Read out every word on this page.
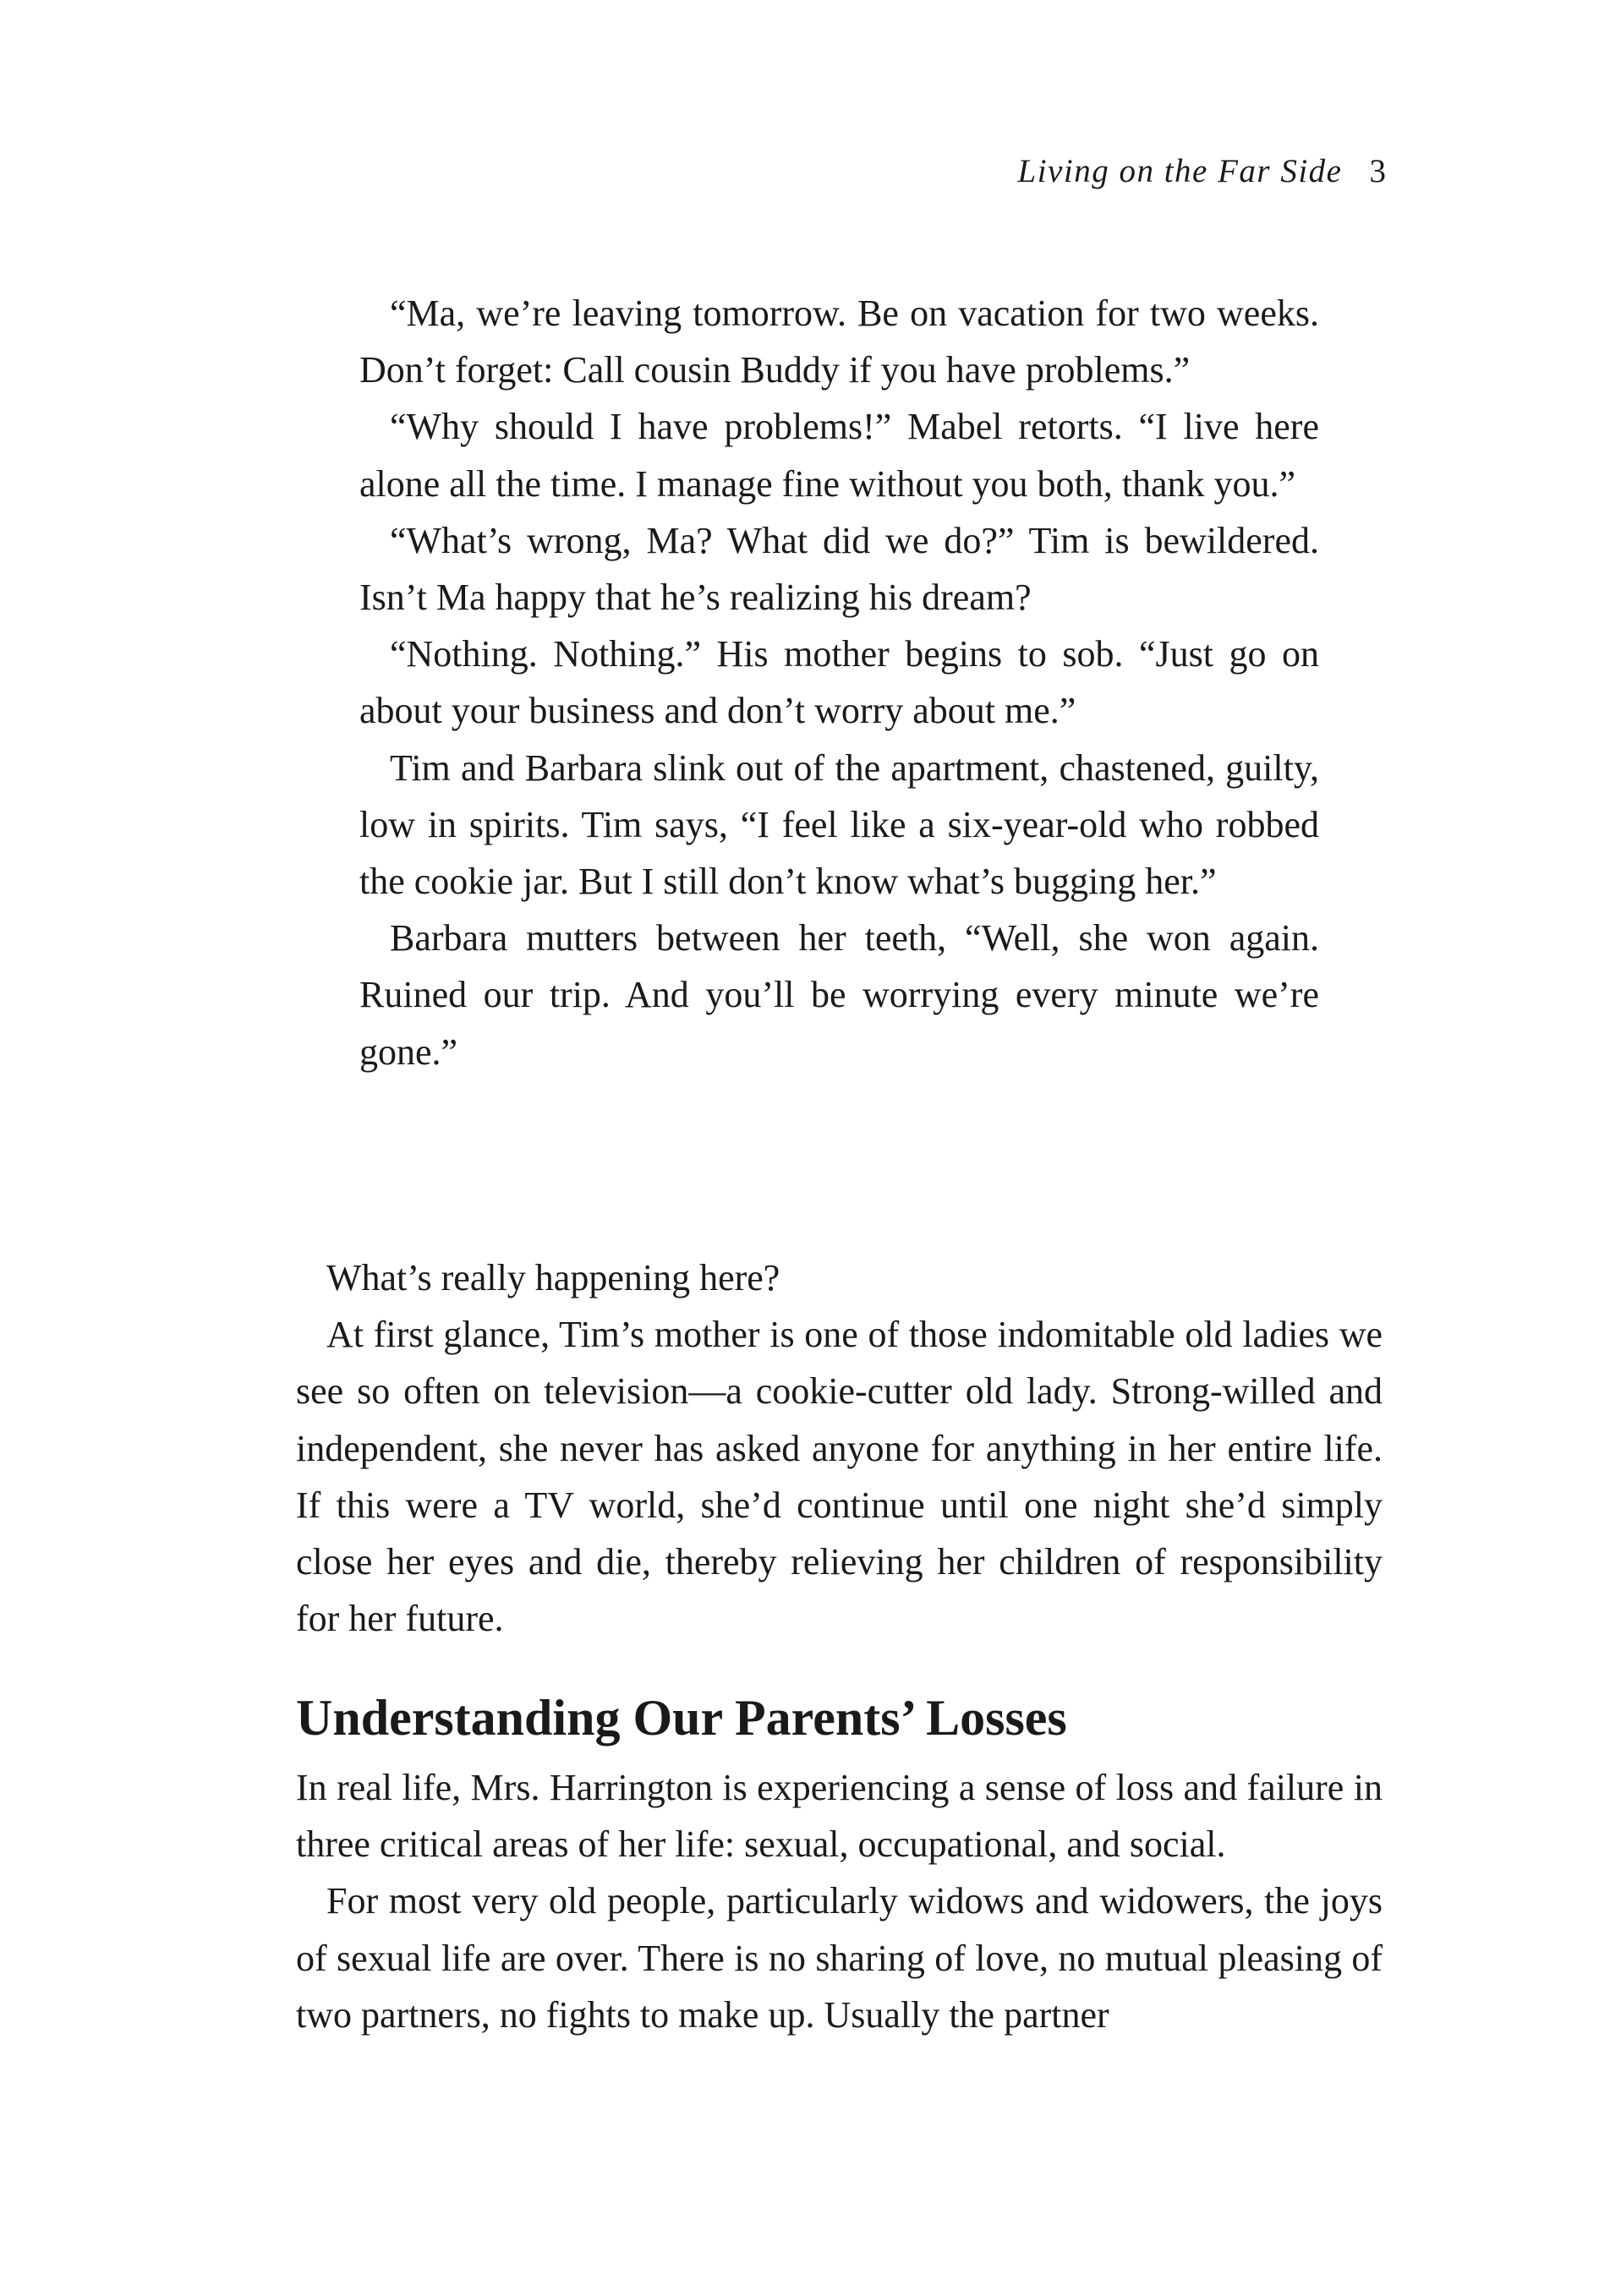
Living on the Far Side 3

“Ma, we’re leaving tomorrow. Be on vacation for two weeks. Don’t forget: Call cousin Buddy if you have problems.”

“Why should I have problems!” Mabel retorts. “I live here alone all the time. I manage fine without you both, thank you.”

“What’s wrong, Ma? What did we do?” Tim is bewildered. Isn’t Ma happy that he’s realizing his dream?

“Nothing. Nothing.” His mother begins to sob. “Just go on about your business and don’t worry about me.”

Tim and Barbara slink out of the apartment, chastened, guilty, low in spirits. Tim says, “I feel like a six-year-old who robbed the cookie jar. But I still don’t know what’s bugging her.”

Barbara mutters between her teeth, “Well, she won again. Ruined our trip. And you’ll be worrying every minute we’re gone.”

What’s really happening here?

At first glance, Tim’s mother is one of those indomitable old ladies we see so often on television—a cookie-cutter old lady. Strong-willed and independent, she never has asked anyone for anything in her entire life. If this were a TV world, she’d continue until one night she’d simply close her eyes and die, thereby relieving her children of responsibility for her future.

Understanding Our Parents’ Losses

In real life, Mrs. Harrington is experiencing a sense of loss and failure in three critical areas of her life: sexual, occupational, and social.

For most very old people, particularly widows and widowers, the joys of sexual life are over. There is no sharing of love, no mutual pleasing of two partners, no fights to make up. Usually the partner
